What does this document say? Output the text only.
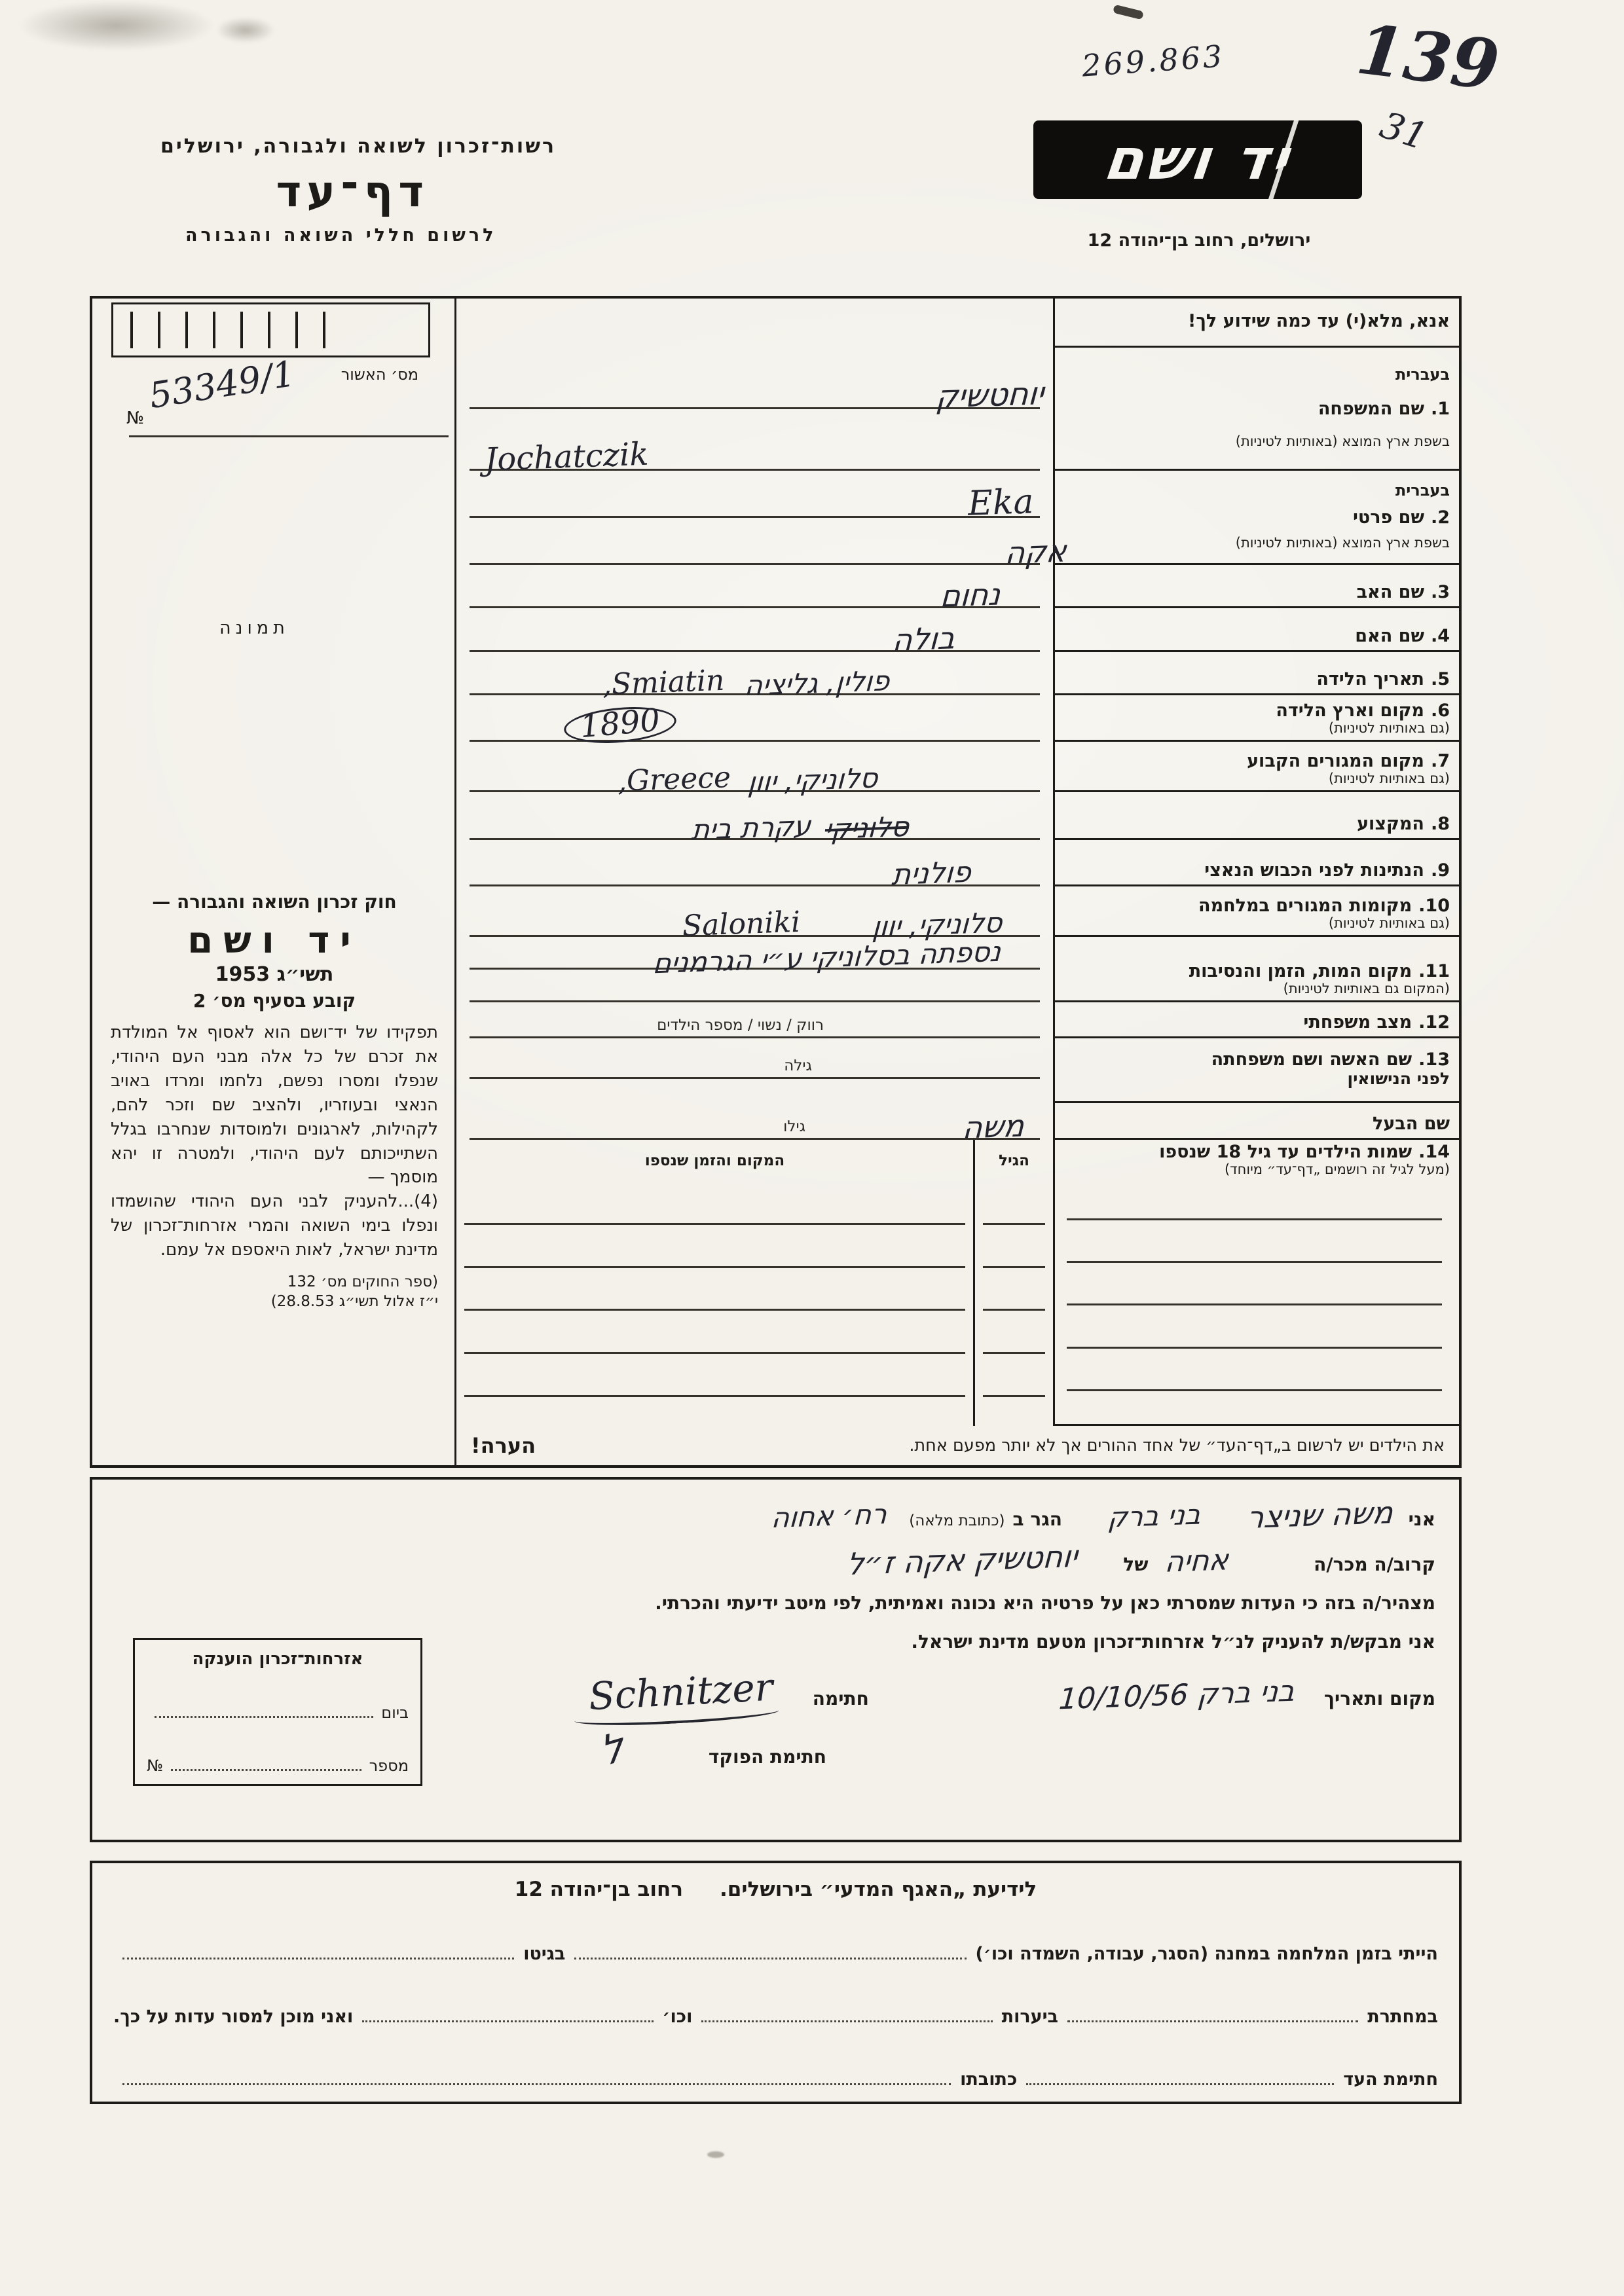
269.863 139
31
רשות־זכרון לשואה ולגבורה, ירושלים
דף־עד
לרשום חללי השואה והגבורה
יד ושם
ירושלים, רחוב בן־יהודה 12
מס׳ האשור
№
53349/1
תמונה
חוק זכרון השואה והגבורה —
יד ושם
תשי״ג 1953
קובע בסעיף מס׳ 2
תפקידו של יד־ושם הוא לאסוף אל המולדת את זכרם של כל אלה מבני העם היהודי, שנפלו ומסרו נפשם, נלחמו ומרדו באויב הנאצי ובעוזריו, ולהציב שם וזכר להם, לקהילות, לארגונים ולמוסדות שנחרבו בגלל השתייכותם לעם היהודי, ולמטרה זו יהא מוסמך —
(4)...להעניק לבני העם היהודי שהושמדו ונפלו בימי השואה והמרי אזרחות־זכרון של מדינת ישראל, לאות היאספם אל עמם.
(ספר החוקים מס׳ 132
י״ז אלול תשי״ג 28.8.53)
אנא, מלא(י) עד כמה שידוע לך!
בעברית
1.שם המשפחה
בשפת ארץ המוצא (באותיות לטיניות)
יוחטשיק
Jochatczik
בעברית
2.שם פרטי
בשפת ארץ המוצא (באותיות לטיניות)
Eka
אקה
3.שם האב
נחום
4.שם האם
בולה
5.תאריך הלידה
פולין, גליציה
Smiatin,
6.מקום וארץ הלידה
(גם באותיות לטיניות)
1890
7.מקום המגורים הקבוע
(גם באותיות לטיניות)
סלוניקי, יוון
Greece,
8.המקצוע
סלוניקי
עקרת בית
9.הנתינות לפני הכבוש הנאצי
פולנית
10.מקומות המגורים במלחמה
(גם באותיות לטיניות)
סלוניקי, יוון
Saloniki
11.מקום המות, הזמן והנסיבות
(המקום גם באותיות לטיניות)
נספתה בסלוניקי ע״י הגרמנים
12.מצב משפחתי
רווק / נשוי / מספר הילדים
13.שם האשה ושם משפחתה
לפני הנישואין
גילה
שם הבעל
משה
גילו
14.שמות הילדים עד גיל 18 שנספו
(מעל לגיל זה רושמים „דף־עד״ מיוחד)
הגיל
המקום והזמן שנספו
את הילדים יש לרשום ב„דף־העד״ של אחד ההורים אך לא יותר מפעם אחת.
הערה!
אני
משה שניצר
בני ברק
הגר ב
(כתובת מלאה)
רח׳ אחוה
קרוב/ה מכר/ה
אחיה
של
יוחטשיק אקה ז״ל
מצהיר/ה בזה כי העדות שמסרתי כאן על פרטיה היא נכונה ואמיתית, לפי מיטב ידיעתי והכרתי.
אני מבקש/ת להעניק לנ״ל אזרחות־זכרון מטעם מדינת ישראל.
מקום ותאריך
בני ברק 10/10/56
חתימה
Schnitzer
חתימת הפוקד
ל
אזרחות־זכרון הוענקה
ביום
מספר
№
לידיעת „האגף המדעי״ בירושלים.
רחוב בן־יהודה 12
הייתי בזמן המלחמה במחנה (הסגר, עבודה, השמדה וכו׳)
בגיטו
במחתרת
ביערות
וכו׳
ואני מוכן למסור עדות על כך.
חתימת העד
כתובתו
